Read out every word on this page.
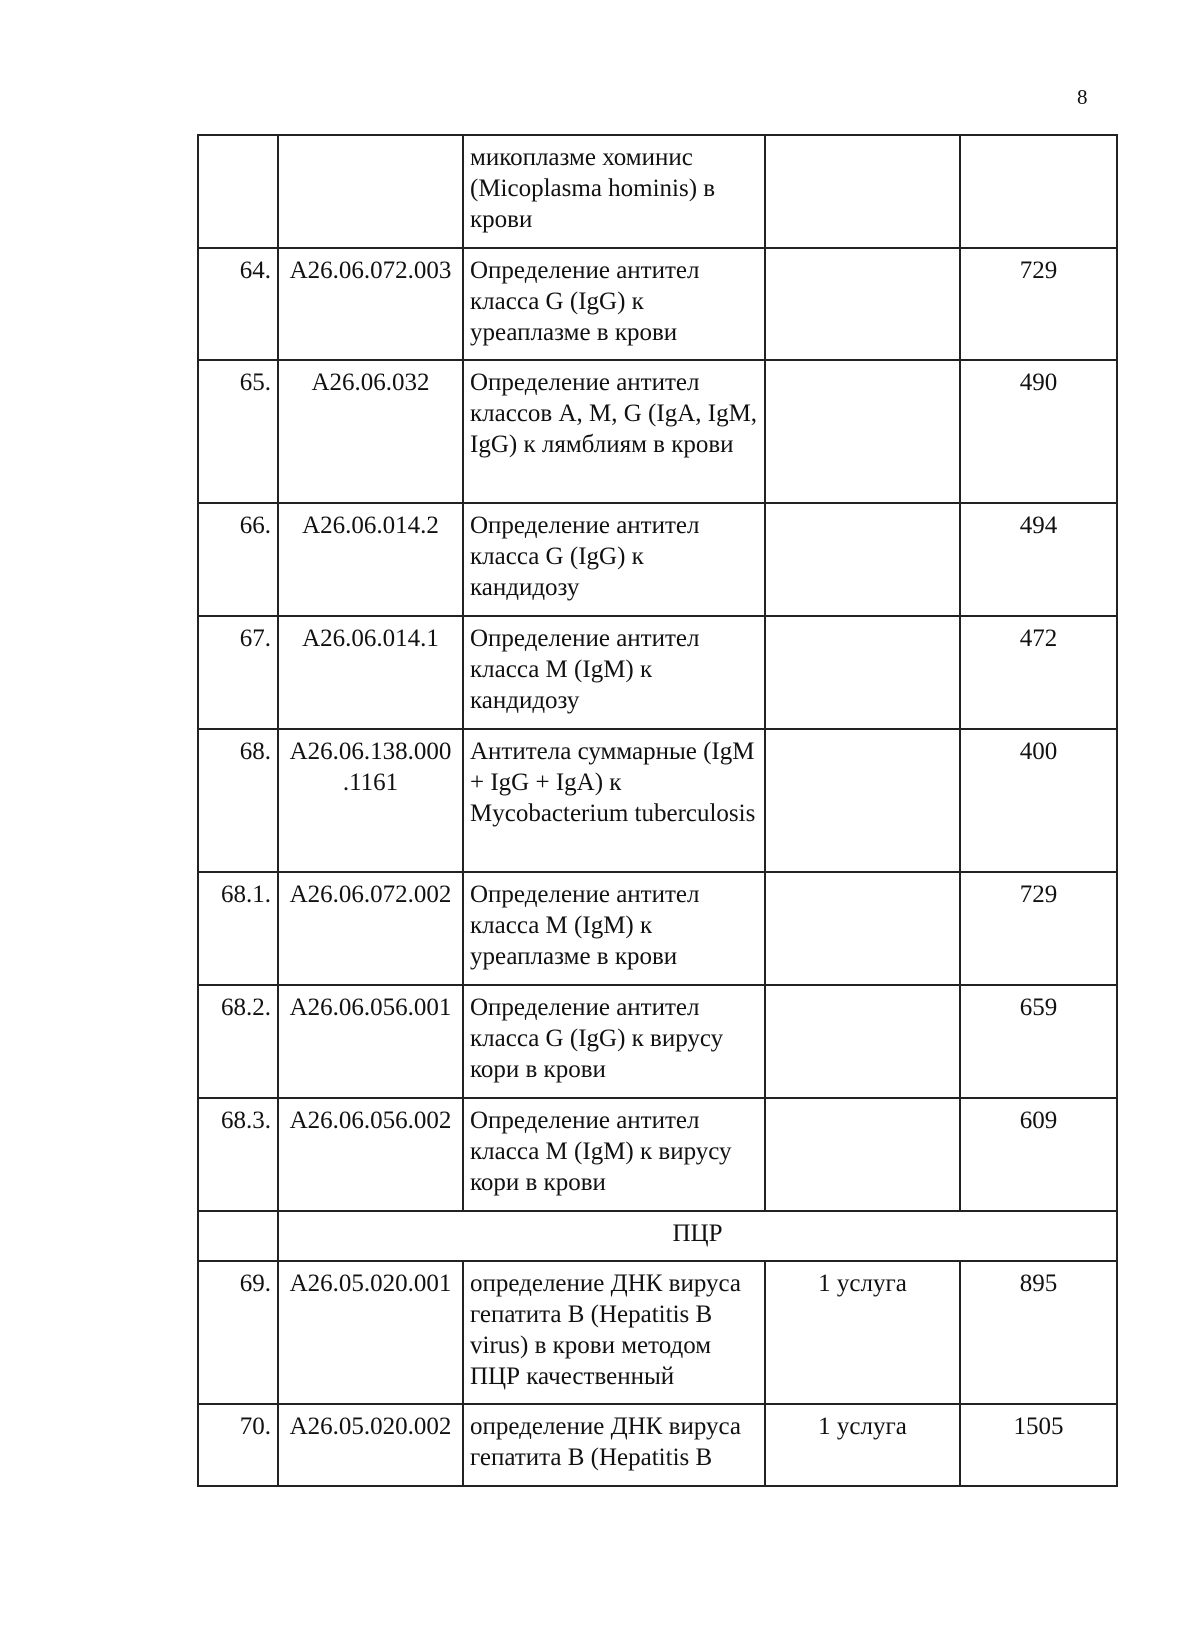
8
		микоплазме хоминис (Micoplasma hominis) в крови		
64.	A26.06.072.003	Определение антител класса G (IgG) к уреаплазме в крови		729
65.	A26.06.032	Определение антител классов A, M, G (IgA, IgM, IgG) к лямблиям в крови		490
66.	A26.06.014.2	Определение антител класса G (IgG) к кандидозу		494
67.	A26.06.014.1	Определение антител класса M (IgM) к кандидозу		472
68.	A26.06.138.000 .1161	Антитела суммарные (IgM + IgG + IgA) к Mycobacterium tuberculosis		400
68.1.	A26.06.072.002	Определение антител класса M (IgM) к уреаплазме в крови		729
68.2.	A26.06.056.001	Определение антител класса G (IgG) к вирусу кори в крови		659
68.3.	A26.06.056.002	Определение антител класса M (IgM) к вирусу кори в крови		609
	ПЦР			
69.	A26.05.020.001	определение ДНК вируса гепатита B (Hepatitis B virus) в крови методом ПЦР качественный	1 услуга	895
70.	A26.05.020.002	определение ДНК вируса гепатита B (Hepatitis B	1 услуга	1505
